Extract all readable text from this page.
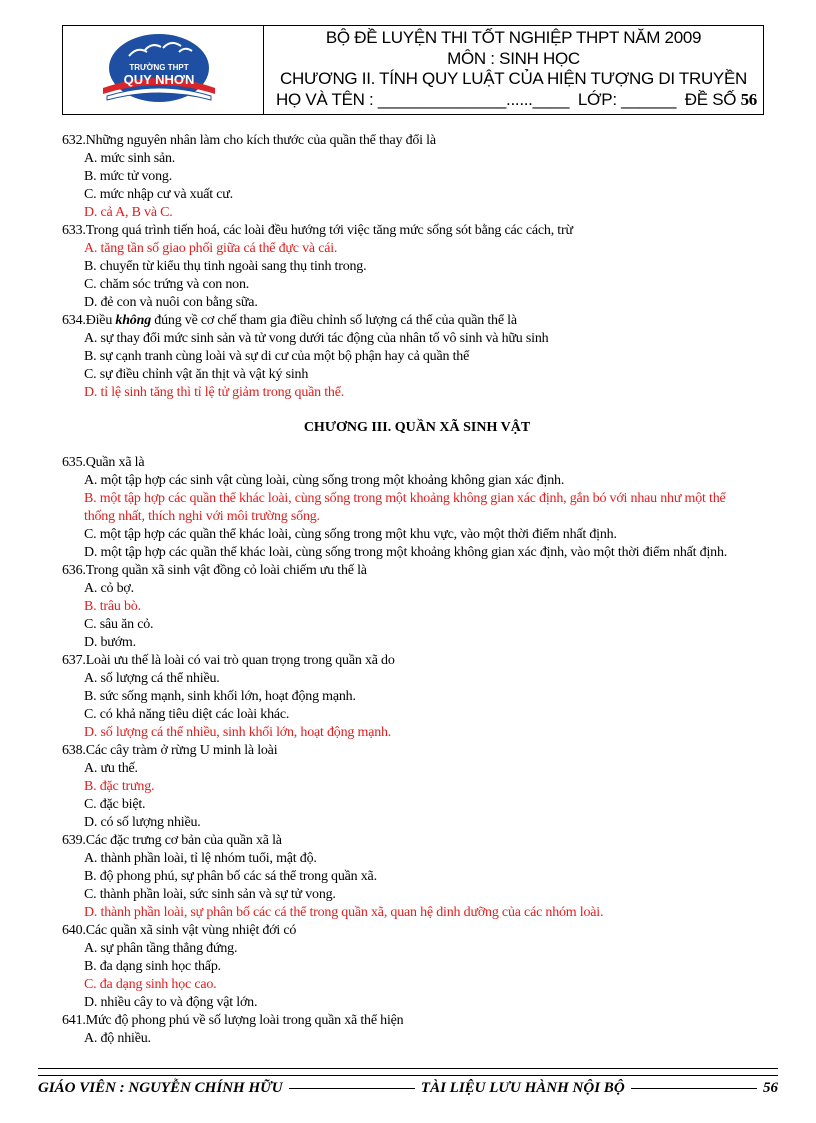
TRƯỜNG THPT
QUY NHƠN
BỘ ĐỀ LUYỆN THI TỐT NGHIỆP THPT NĂM 2009
MÔN : SINH HỌC
CHƯƠNG II. TÍNH QUY LUẬT CỦA HIỆN TƯỢNG DI TRUYỀN
HỌ VÀ TÊN : ______________......____ LỚP: ______ ĐỀ SỐ 56
632.Những nguyên nhân làm cho kích thước của quần thể thay đổi là
A. mức sinh sản.
B. mức tử vong.
C. mức nhập cư và xuất cư.
D. cả A, B và C.
633.Trong quá trình tiến hoá, các loài đều hướng tới việc tăng mức sống sót bằng các cách, trừ
A. tăng tần số giao phối giữa cá thể đực và cái.
B. chuyển từ kiểu thụ tinh ngoài sang thụ tinh trong.
C. chăm sóc trứng và con non.
D. đẻ con và nuôi con bằng sữa.
634.Điều không đúng về cơ chế tham gia điều chỉnh số lượng cá thể của quần thể là
A. sự thay đổi mức sinh sản và tử vong dưới tác động của nhân tố vô sinh và hữu sinh
B. sự cạnh tranh cùng loài và sự di cư của một bộ phận hay cả quần thể
C. sự điều chỉnh vật ăn thịt và vật ký sinh
D. tỉ lệ sinh tăng thì tỉ lệ tử giảm trong quần thể.
CHƯƠNG III. QUẦN XÃ SINH VẬT
635.Quần xã là
A. một tập hợp các sinh vật cùng loài, cùng sống trong một khoảng không gian xác định.
B. một tập hợp các quần thể khác loài, cùng sống trong một khoảng không gian xác định, gắn bó với nhau như một thể
thống nhất, thích nghi với môi trường sống.
C. một tập hợp các quần thể khác loài, cùng sống trong một khu vực, vào một thời điểm nhất định.
D. một tập hợp các quần thể khác loài, cùng sống trong một khoảng không gian xác định, vào một thời điểm nhất định.
636.Trong quần xã sinh vật đồng cỏ loài chiếm ưu thế là
A. cỏ bợ.
B. trâu bò.
C. sâu ăn cỏ.
D. bướm.
637.Loài ưu thế là loài có vai trò quan trọng trong quần xã do
A. số lượng cá thể nhiều.
B. sức sống mạnh, sinh khối lớn, hoạt động mạnh.
C. có khả năng tiêu diệt các loài khác.
D. số lượng cá thể nhiều, sinh khối lớn, hoạt động mạnh.
638.Các cây tràm ở rừng U minh là loài
A. ưu thế.
B. đặc trưng.
C. đặc biệt.
D. có số lượng nhiều.
639.Các đặc trưng cơ bản của quần xã là
A. thành phần loài, tỉ lệ nhóm tuổi, mật độ.
B. độ phong phú, sự phân bố các sá thể trong quần xã.
C. thành phần loài, sức sinh sản và sự tử vong.
D. thành phần loài, sự phân bố các cá thể trong quần xã, quan hệ dinh dưỡng của các nhóm loài.
640.Các quần xã sinh vật vùng nhiệt đới có
A. sự phân tầng thẳng đứng.
B. đa dạng sinh học thấp.
C. đa dạng sinh học cao.
D. nhiều cây to và động vật lớn.
641.Mức độ phong phú về số lượng loài trong quần xã thể hiện
A. độ nhiều.
GIÁO VIÊN : NGUYỄN CHÍNH HỮU	TÀI LIỆU LƯU HÀNH NỘI BỘ	56
